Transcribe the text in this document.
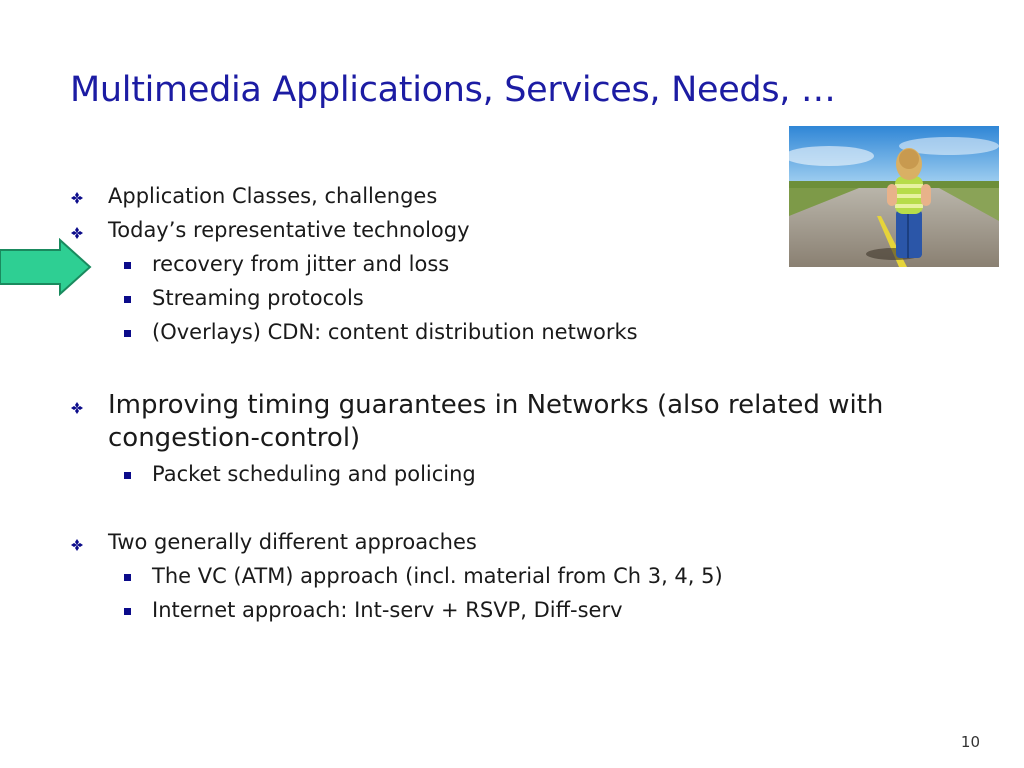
Multimedia Applications, Services, Needs, …
Application Classes, challenges
Today’s representative technology
recovery from jitter and loss
Streaming protocols
(Overlays) CDN: content distribution networks
Improving timing guarantees in Networks (also related with
congestion-control)
Packet scheduling and policing
Two generally different approaches
The VC (ATM) approach (incl. material from Ch 3, 4, 5)
Internet approach: Int-serv + RSVP, Diff-serv
10
